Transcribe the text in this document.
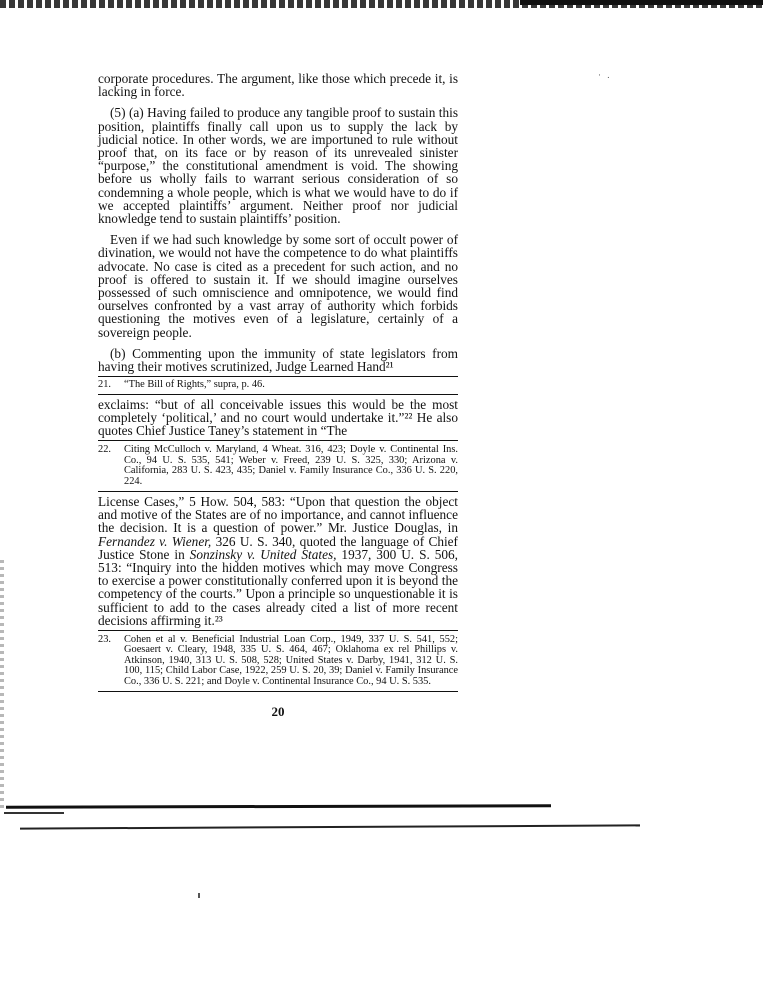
· .

corporate procedures. The argument, like those which precede it, is lacking in force.

(5) (a) Having failed to produce any tangible proof to sustain this position, plaintiffs finally call upon us to supply the lack by judicial notice. In other words, we are importuned to rule without proof that, on its face or by reason of its unrevealed sinister “purpose,” the constitutional amendment is void. The showing before us wholly fails to warrant serious consideration of so condemning a whole people, which is what we would have to do if we accepted plaintiffs’ argument. Neither proof nor judicial knowledge tend to sustain plaintiffs’ position.

Even if we had such knowledge by some sort of occult power of divination, we would not have the competence to do what plaintiffs advocate. No case is cited as a precedent for such action, and no proof is offered to sustain it. If we should imagine ourselves possessed of such omniscience and omnipotence, we would find ourselves confronted by a vast array of authority which forbids questioning the motives even of a legislature, certainly of a sovereign people.

(b) Commenting upon the immunity of state legislators from having their motives scrutinized, Judge Learned Hand²¹

21. “The Bill of Rights,” supra, p. 46.

exclaims: “but of all conceivable issues this would be the most completely ‘political,’ and no court would undertake it.”²² He also quotes Chief Justice Taney’s statement in “The

22. Citing McCulloch v. Maryland, 4 Wheat. 316, 423; Doyle v. Continental Ins. Co., 94 U. S. 535, 541; Weber v. Freed, 239 U. S. 325, 330; Arizona v. California, 283 U. S. 423, 435; Daniel v. Family Insurance Co., 336 U. S. 220, 224.

License Cases,” 5 How. 504, 583: “Upon that question the object and motive of the States are of no importance, and cannot influence the decision. It is a question of power.” Mr. Justice Douglas, in Fernandez v. Wiener, 326 U. S. 340, quoted the language of Chief Justice Stone in Sonzinsky v. United States, 1937, 300 U. S. 506, 513: “Inquiry into the hidden motives which may move Congress to exercise a power constitutionally conferred upon it is beyond the competency of the courts.” Upon a principle so unquestionable it is sufficient to add to the cases already cited a list of more recent decisions affirming it.²³

23. Cohen et al v. Beneficial Industrial Loan Corp., 1949, 337 U. S. 541, 552; Goesaert v. Cleary, 1948, 335 U. S. 464, 467; Oklahoma ex rel Phillips v. Atkinson, 1940, 313 U. S. 508, 528; United States v. Darby, 1941, 312 U. S. 100, 115; Child Labor Case, 1922, 259 U. S. 20, 39; Daniel v. Family Insurance Co., 336 U. S. 221; and Doyle v. Continental Insurance Co., 94 U. S. 535.

20
